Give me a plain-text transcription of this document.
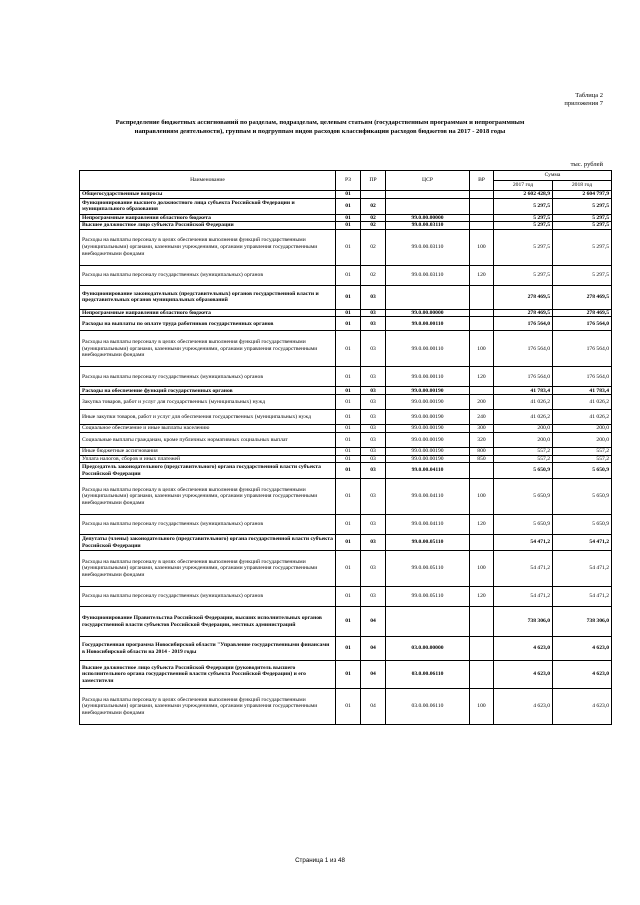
Таблица 2
приложения 7
Распределение бюджетных ассигнований по разделам, подразделам, целевым статьям (государственным программам и непрограммным направлениям деятельности), группам и подгруппам видов расходов классификации расходов бюджетов на 2017 - 2018 годы
тыс. рублей
Наименование	РЗ	ПР	ЦСР	ВР	Сумма	
					2017 год	2018 год
Общегосударственные вопросы	01				2 602 428,9	2 604 797,9
Функционирование высшего должностного лица субъекта Российской Федерации и муниципального образования	01	02			5 297,5	5 297,5
Непрограммные направления областного бюджета	01	02	99.0.00.00000		5 297,5	5 297,5
Высшее должностное лицо субъекта Российской Федерации	01	02	99.0.00.03110		5 297,5	5 297,5
Расходы на выплаты персоналу в целях обеспечения выполнения функций государственными (муниципальными) органами, казенными учреждениями, органами управления государственными внебюджетными фондами	01	02	99.0.00.03110	100	5 297,5	5 297,5
Расходы на выплаты персоналу государственных (муниципальных) органов	01	02	99.0.00.03110	120	5 297,5	5 297,5
Функционирование законодательных (представительных) органов государственной власти и представительных органов муниципальных образований	01	03			278 469,5	278 469,5
Непрограммные направления областного бюджета	01	03	99.0.00.00000		278 469,5	278 469,5
Расходы на выплаты по оплате труда работников государственных органов	01	03	99.0.00.00110		176 564,0	176 564,0
Расходы на выплаты персоналу в целях обеспечения выполнения функций государственными (муниципальными) органами, казенными учреждениями, органами управления государственными внебюджетными фондами	01	03	99.0.00.00110	100	176 564,0	176 564,0
Расходы на выплаты персоналу государственных (муниципальных) органов	01	03	99.0.00.00110	120	176 564,0	176 564,0
Расходы на обеспечение функций государственных органов	01	03	99.0.00.00190		41 783,4	41 783,4
Закупка товаров, работ и услуг для государственных (муниципальных) нужд	01	03	99.0.00.00190	200	41 026,2	41 026,2
Иные закупки товаров, работ и услуг для обеспечения государственных (муниципальных) нужд	01	03	99.0.00.00190	240	41 026,2	41 026,2
Социальное обеспечение и иные выплаты населению	01	03	99.0.00.00190	300	200,0	200,0
Социальные выплаты гражданам, кроме публичных нормативных социальных выплат	01	03	99.0.00.00190	320	200,0	200,0
Иные бюджетные ассигнования	01	03	99.0.00.00190	800	557,2	557,2
Уплата налогов, сборов и иных платежей	01	03	99.0.00.00190	850	557,2	557,2
Председатель законодательного (представительного) органа государственной власти субъекта Российской Федерации	01	03	99.0.00.04110		5 650,9	5 650,9
Расходы на выплаты персоналу в целях обеспечения выполнения функций государственными (муниципальными) органами, казенными учреждениями, органами управления государственными внебюджетными фондами	01	03	99.0.00.04110	100	5 650,9	5 650,9
Расходы на выплаты персоналу государственных (муниципальных) органов	01	03	99.0.00.04110	120	5 650,9	5 650,9
Депутаты (члены) законодательного (представительного) органа государственной власти субъекта Российской Федерации	01	03	99.0.00.05110		54 471,2	54 471,2
Расходы на выплаты персоналу в целях обеспечения выполнения функций государственными (муниципальными) органами, казенными учреждениями, органами управления государственными внебюджетными фондами	01	03	99.0.00.05110	100	54 471,2	54 471,2
Расходы на выплаты персоналу государственных (муниципальных) органов	01	03	99.0.00.05110	120	54 471,2	54 471,2
Функционирование Правительства Российской Федерации, высших исполнительных органов государственной власти субъектов Российской Федерации, местных администраций	01	04			738 306,0	738 306,0
Государственная программа Новосибирской области "Управление государственными финансами в Новосибирской области на 2014 - 2019 годы	01	04	03.0.00.00000		4 623,0	4 623,0
Высшее должностное лицо субъекта Российской Федерации (руководитель высшего исполнительного органа государственной власти субъекта Российской Федерации) и его заместители	01	04	03.0.00.06110		4 623,0	4 623,0
Расходы на выплаты персоналу в целях обеспечения выполнения функций государственными (муниципальными) органами, казенными учреждениями, органами управления государственными внебюджетными фондами	01	04	03.0.00.06110	100	4 623,0	4 623,0
Страница 1 из 48
